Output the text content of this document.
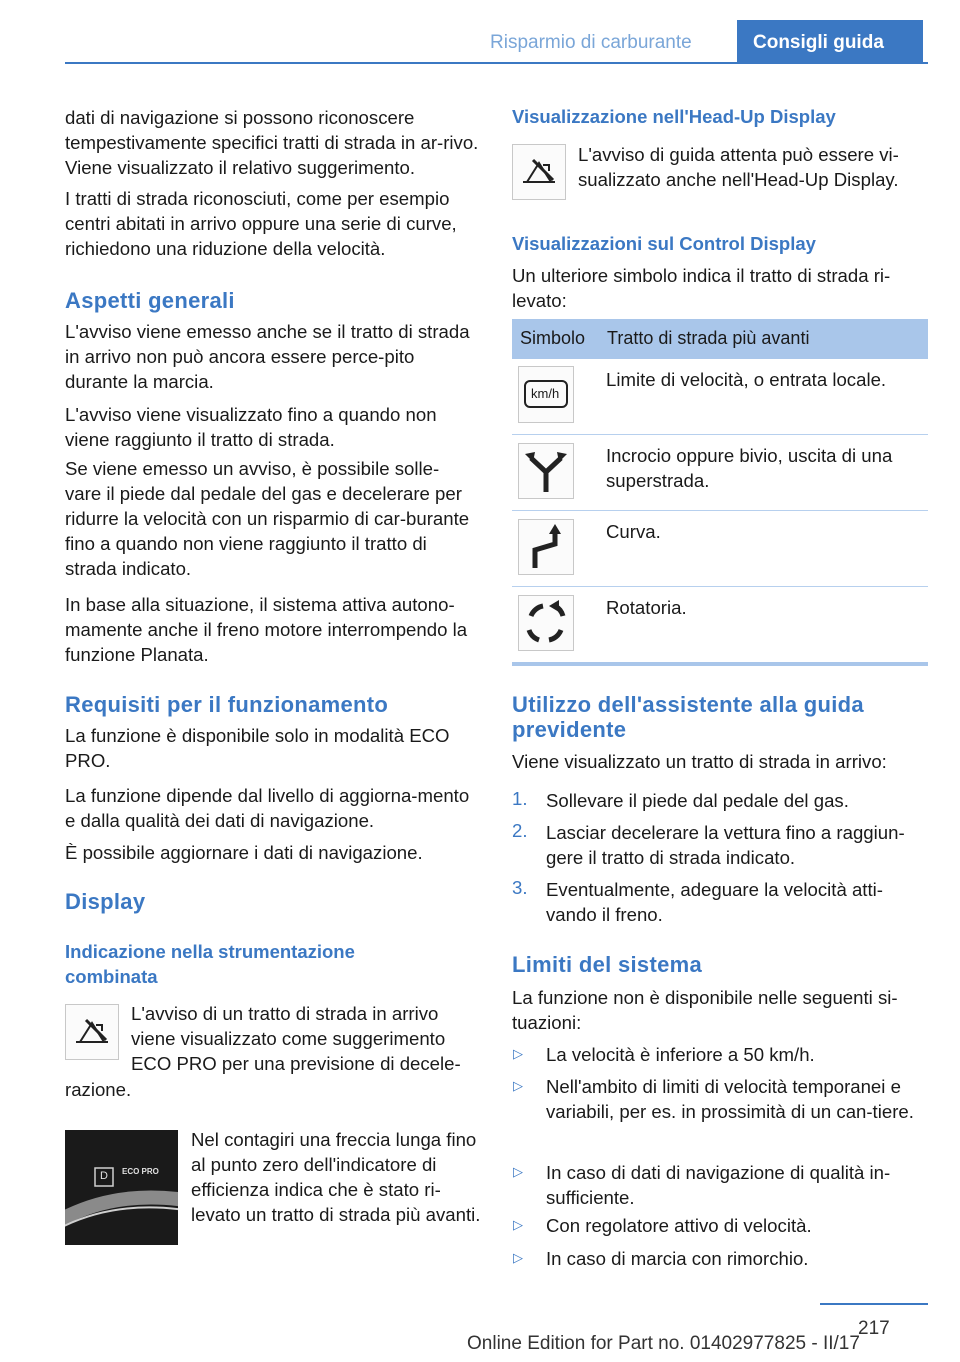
Risparmio di carburante	Consigli guida

dati di navigazione si possono riconoscere tempestivamente specifici tratti di strada in ar-rivo. Viene visualizzato il relativo suggerimento.

I tratti di strada riconosciuti, come per esempio centri abitati in arrivo oppure una serie di curve, richiedono una riduzione della velocità.

Aspetti generali

L'avviso viene emesso anche se il tratto di strada in arrivo non può ancora essere perce-pito durante la marcia.

L'avviso viene visualizzato fino a quando non viene raggiunto il tratto di strada.

Se viene emesso un avviso, è possibile solle-vare il piede dal pedale del gas e decelerare per ridurre la velocità con un risparmio di car-burante fino a quando non viene raggiunto il tratto di strada indicato.

In base alla situazione, il sistema attiva autono-mamente anche il freno motore interrompendo la funzione Planata.

Requisiti per il funzionamento

La funzione è disponibile solo in modalità ECO PRO.

La funzione dipende dal livello di aggiorna-mento e dalla qualità dei dati di navigazione.

È possibile aggiornare i dati di navigazione.

Display
Indicazione nella strumentazione combinata

L'avviso di un tratto di strada in arrivo viene visualizzato come suggerimento ECO PRO per una previsione di decele-

razione.

D ECO PRO

Nel contagiri una freccia lunga fino al punto zero dell'indicatore di efficienza indica che è stato ri-levato un tratto di strada più avanti.

Visualizzazione nell'Head-Up Display

L'avviso di guida attenta può essere vi-sualizzato anche nell'Head-Up Display.

Visualizzazioni sul Control Display

Un ulteriore simbolo indica il tratto di strada ri-levato:

Simbolo Tratto di strada più avanti
km/h

Limite di velocità, o entrata locale.

Incrocio oppure bivio, uscita di una superstrada.

Curva.

Rotatoria.

Utilizzo dell'assistente alla guida previdente

Viene visualizzato un tratto di strada in arrivo:

1. Sollevare il piede dal pedale del gas.

2. Lasciar decelerare la vettura fino a raggiun-gere il tratto di strada indicato.

3. Eventualmente, adeguare la velocità atti-vando il freno.

Limiti del sistema

La funzione non è disponibile nelle seguenti si-tuazioni:

▷ La velocità è inferiore a 50 km/h.

▷ Nell'ambito di limiti di velocità temporanei e variabili, per es. in prossimità di un can-tiere.

▷ In caso di dati di navigazione di qualità in-sufficiente.

▷ Con regolatore attivo di velocità.

▷ In caso di marcia con rimorchio.

217
Online Edition for Part no. 01402977825 - II/17
